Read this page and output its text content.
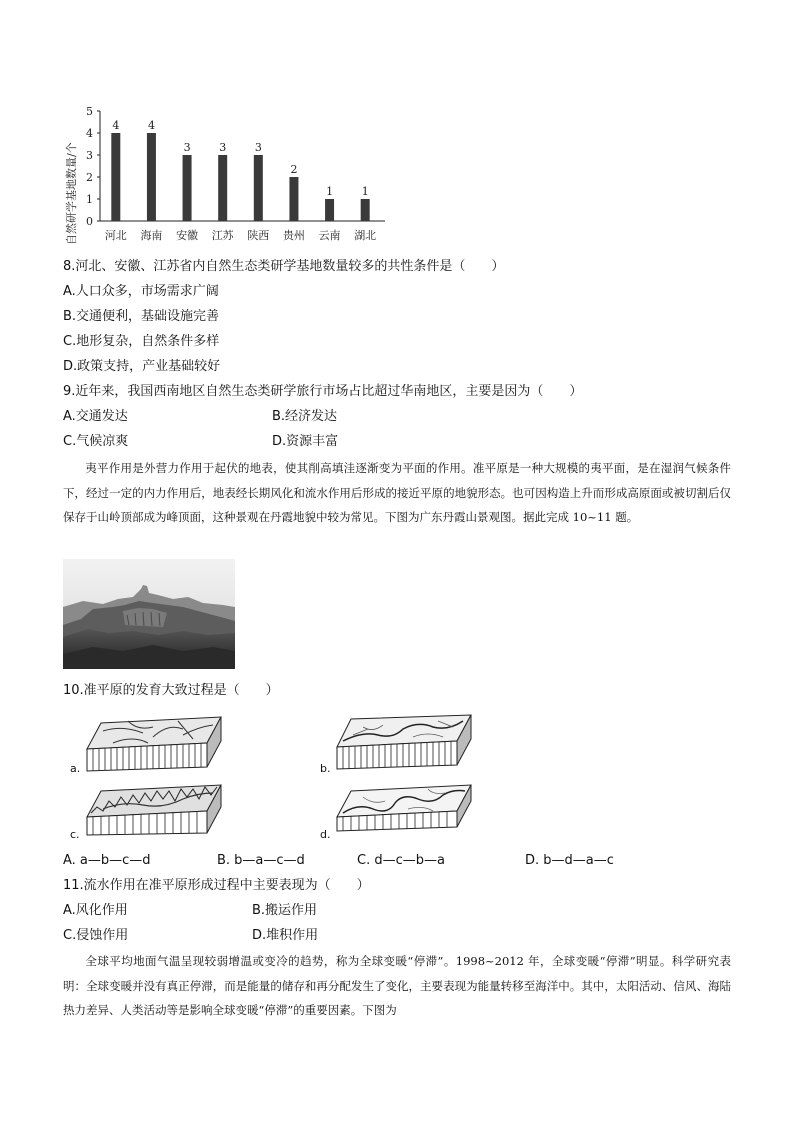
0
1
2
3
4
5
4
河北
4
海南
3
安徽
3
江苏
3
陕西
2
贵州
1
云南
1
湖北
自然研学基地数量/个
8.河北、安徽、江苏省内自然生态类研学基地数量较多的共性条件是（　　）
A.人口众多，市场需求广阔
B.交通便利，基础设施完善
C.地形复杂，自然条件多样
D.政策支持，产业基础较好
9.近年来，我国西南地区自然生态类研学旅行市场占比超过华南地区，主要是因为（　　）
A.交通发达	B.经济发达
C.气候凉爽	D.资源丰富
夷平作用是外营力作用于起伏的地表，使其削高填洼逐渐变为平面的作用。准平原是一种大规模的夷平面，是在湿润气候条件下，经过一定的内力作用后，地表经长期风化和流水作用后形成的接近平原的地貌形态。也可因构造上升而形成高原面或被切割后仅保存于山岭顶部成为峰顶面，这种景观在丹霞地貌中较为常见。下图为广东丹霞山景观图。据此完成 10~11 题。
10.准平原的发育大致过程是（　　）
a.	b.
c.	d.
A. a—b—c—d	B. b—a—c—d	C. d—c—b—a	D. b—d—a—c
11.流水作用在准平原形成过程中主要表现为（　　）
A.风化作用	B.搬运作用
C.侵蚀作用	D.堆积作用
全球平均地面气温呈现较弱增温或变冷的趋势，称为全球变暖“停滞”。1998~2012 年，全球变暖“停滞”明显。科学研究表明：全球变暖并没有真正停滞，而是能量的储存和再分配发生了变化，主要表现为能量转移至海洋中。其中，太阳活动、信风、海陆热力差异、人类活动等是影响全球变暖“停滞”的重要因素。下图为
